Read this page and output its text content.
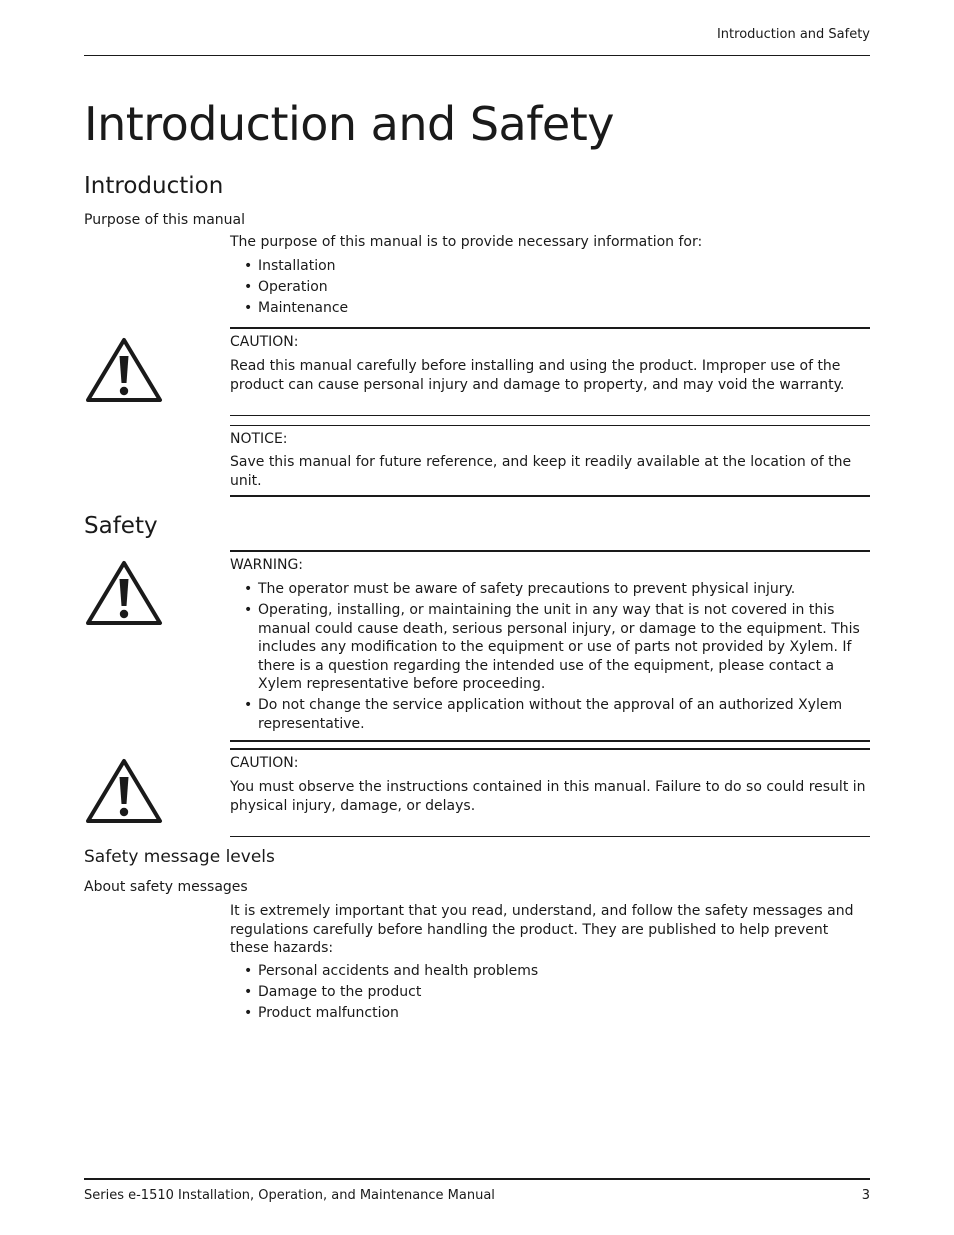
Introduction and Safety
Introduction and Safety
Introduction
Purpose of this manual

The purpose of this manual is to provide necessary information for:

• Installation
• Operation
• Maintenance
CAUTION:

Read this manual carefully before installing and using the product. Improper use of the product can cause personal injury and damage to property, and may void the warranty.

NOTICE:

Save this manual for future reference, and keep it readily available at the location of the unit.

Safety
WARNING:
• The operator must be aware of safety precautions to prevent physical injury.
• Operating, installing, or maintaining the unit in any way that is not covered in this manual could cause death, serious personal injury, or damage to the equipment. This includes any modification to the equipment or use of parts not provided by Xylem. If there is a question regarding the intended use of the equipment, please contact a Xylem representative before proceeding.
• Do not change the service application without the approval of an authorized Xylem representative.
CAUTION:

You must observe the instructions contained in this manual. Failure to do so could result in physical injury, damage, or delays.

Safety message levels
About safety messages

It is extremely important that you read, understand, and follow the safety messages and regulations carefully before handling the product. They are published to help prevent these hazards:

• Personal accidents and health problems
• Damage to the product
• Product malfunction
Series e-1510 Installation, Operation, and Maintenance Manual	3
